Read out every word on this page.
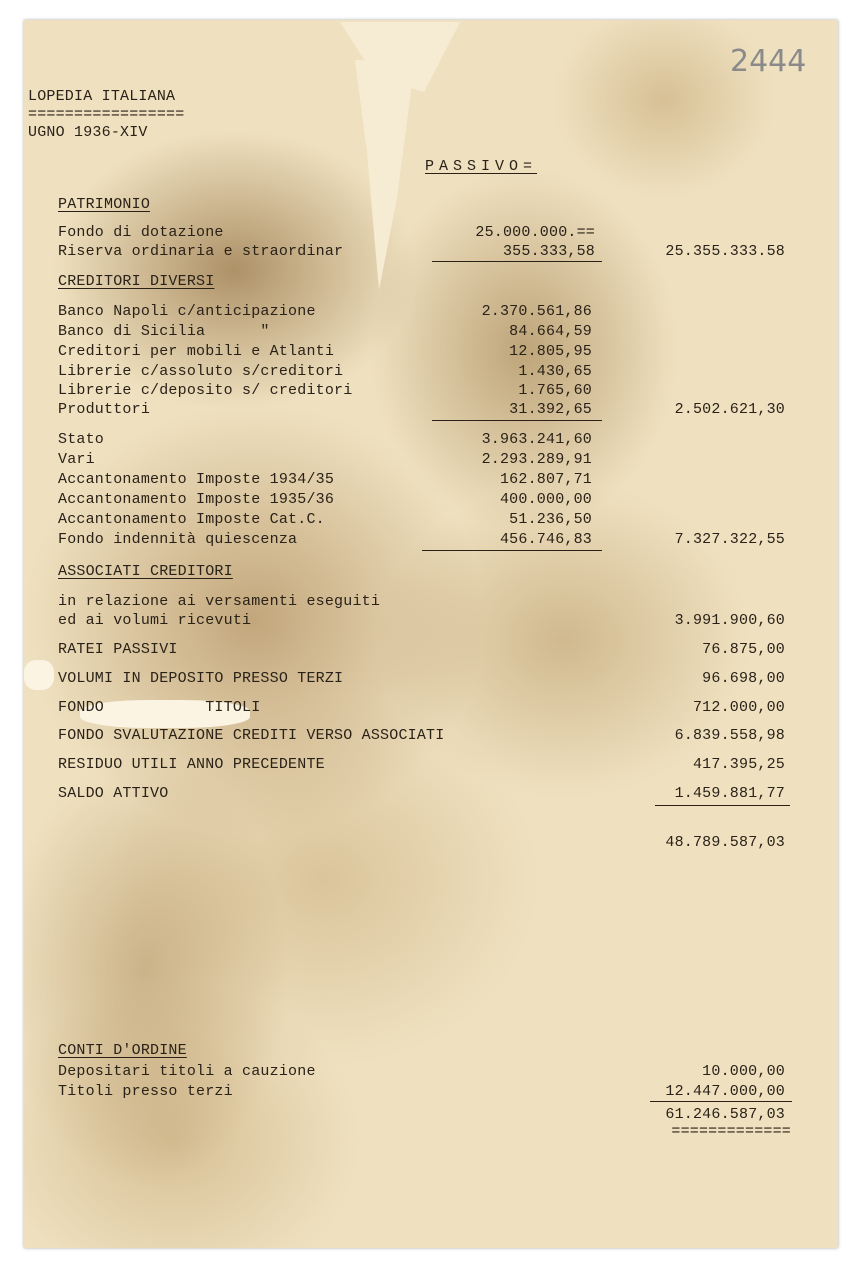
2444
LOPEDIA ITALIANA
=================
UGNO 1936-XIV
PASSIVO=
PATRIMONIO
Fondo di dotazione	25.000.000.==
Riserva ordinaria e straordinar	355.333,58	25.355.333.58
CREDITORI DIVERSI
Banco Napoli c/anticipazione	2.370.561,86
Banco di Sicilia      "	84.664,59
Creditori per mobili e Atlanti	12.805,95
Librerie c/assoluto s/creditori	1.430,65
Librerie c/deposito s/ creditori	1.765,60
Produttori	31.392,65	2.502.621,30
Stato	3.963.241,60
Vari	2.293.289,91
Accantonamento Imposte 1934/35	162.807,71
Accantonamento Imposte 1935/36	400.000,00
Accantonamento Imposte Cat.C.	51.236,50
Fondo indennità quiescenza	456.746,83	7.327.322,55
ASSOCIATI CREDITORI
in relazione ai versamenti eseguiti
ed ai volumi ricevuti	3.991.900,60
RATEI PASSIVI	76.875,00
VOLUMI IN DEPOSITO PRESSO TERZI	96.698,00
FONDO           TITOLI	712.000,00
FONDO SVALUTAZIONE CREDITI VERSO ASSOCIATI	6.839.558,98
RESIDUO UTILI ANNO PRECEDENTE	417.395,25
SALDO ATTIVO	1.459.881,77
48.789.587,03
CONTI D'ORDINE
Depositari titoli a cauzione	10.000,00
Titoli presso terzi	12.447.000,00
61.246.587,03
=============
